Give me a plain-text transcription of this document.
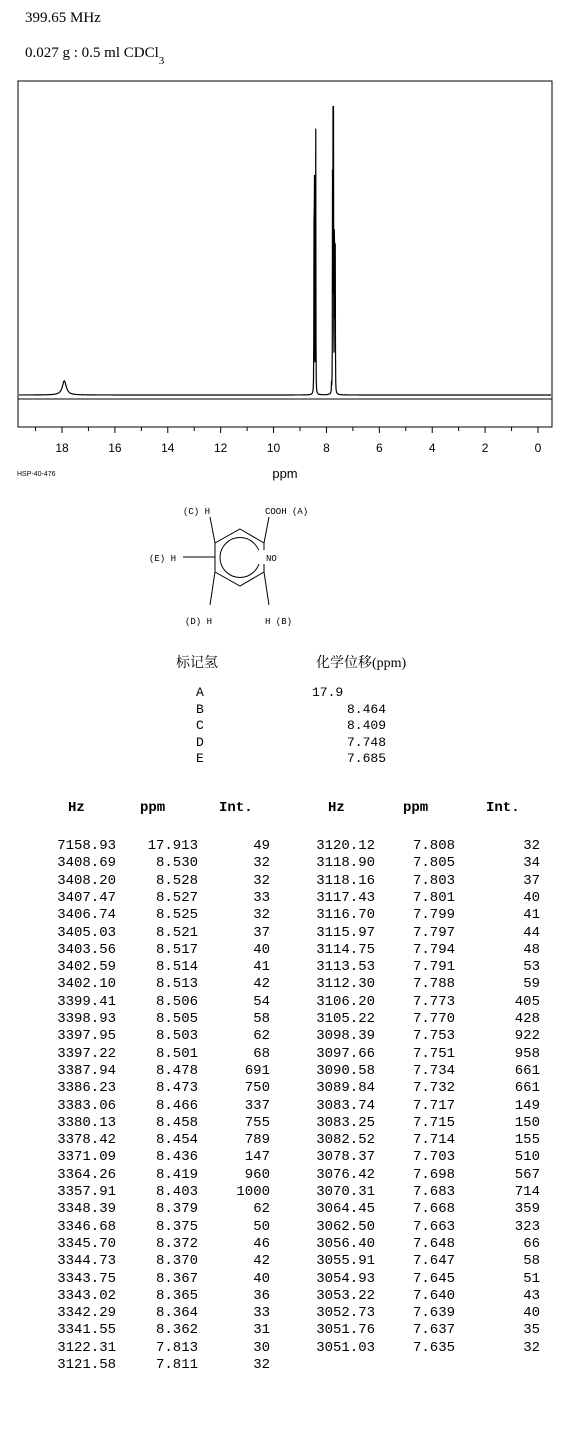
399.65 MHz
0.027 g : 0.5 ml CDCl$_3$
18	16	14	12	10	8	6	4	2	0
ppm
HSP-40-476
(C) H	COOH (A)
(E) H	NO
(D) H	H (B)
标记氢	化学位移(ppm)
A	17.9
B	8.464
C	8.409
D	7.748
E	7.685
Hz	ppm	Int.
7158.93 17.913	49
3408.69	8.530	32
3408.20	8.528	32
3407.47	8.527	33
3406.74	8.525	32
3405.03	8.521	37
3403.56	8.517	40
3402.59	8.514	41
3402.10	8.513	42
3399.41	8.506	54
3398.93	8.505	58
3397.95	8.503	62
3397.22	8.501	68
3387.94	8.478	691
3386.23	8.473	750
3383.06	8.466	337
3380.13	8.458	755
3378.42	8.454	789
3371.09	8.436	147
3364.26	8.419	960
3357.91	8.403	1000
3348.39	8.379	62
3346.68	8.375	50
3345.70	8.372	46
3344.73	8.370	42
3343.75	8.367	40
3343.02	8.365	36
3342.29	8.364	33
3341.55	8.362	31
3122.31	7.813	30
3121.58	7.811	32
Hz	ppm	Int.
3120.12	7.808	32
3118.90	7.805	34
3118.16	7.803	37
3117.43	7.801	40
3116.70	7.799	41
3115.97	7.797	44
3114.75	7.794	48
3113.53	7.791	53
3112.30	7.788	59
3106.20	7.773	405
3105.22	7.770	428
3098.39	7.753	922
3097.66	7.751	958
3090.58	7.734	661
3089.84	7.732	661
3083.74	7.717	149
3083.25	7.715	150
3082.52	7.714	155
3078.37	7.703	510
3076.42	7.698	567
3070.31	7.683	714
3064.45	7.668	359
3062.50	7.663	323
3056.40	7.648	66
3055.91	7.647	58
3054.93	7.645	51
3053.22	7.640	43
3052.73	7.639	40
3051.76	7.637	35
3051.03	7.635	32
